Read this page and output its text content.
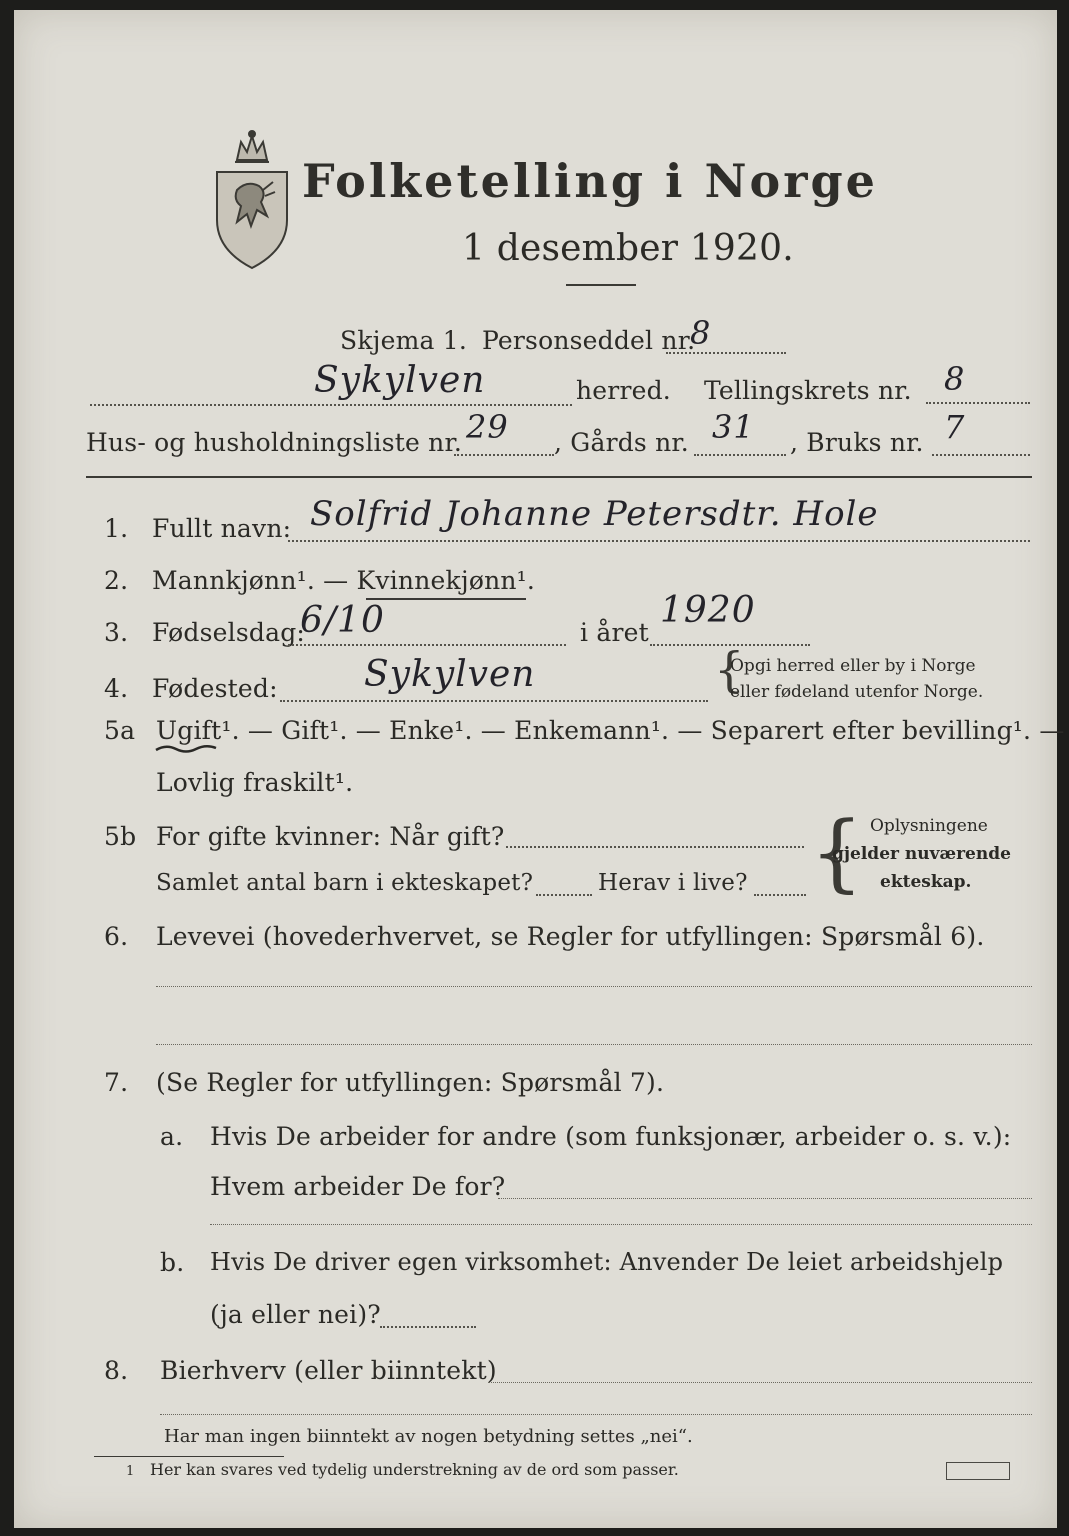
Folketelling i Norge
1 desember 1920.
Skjema 1. Personseddel nr.
8
Sykylven	herred. Tellingskrets nr. 8
Hus- og husholdningsliste nr. 29 , Gårds nr. 31 , Bruks nr. 7
1. Fullt navn: Solfrid Johanne Petersdtr. Hole
2. Mannkjønn¹. — Kvinnekjønn¹.
3. Fødselsdag:
6/10	i året
1920
4. Fødested: Sykylven	{
Opgi herred eller by i Norge
eller fødeland utenfor Norge.
5a Ugift¹. — Gift¹. — Enke¹. — Enkemann¹. — Separert efter bevilling¹. —
Lovlig fraskilt¹.
5b For gifte kvinner: Når gift?
Samlet antal barn i ekteskapet?	Herav i live? { Oplysningene
gjelder nuværende
ekteskap.
6. Levevei (hovederhvervet, se Regler for utfyllingen: Spørsmål 6).
7. (Se Regler for utfyllingen: Spørsmål 7).
a. Hvis De arbeider for andre (som funksjonær, arbeider o. s. v.):
Hvem arbeider De for?
b. Hvis De driver egen virksomhet: Anvender De leiet arbeidshjelp
(ja eller nei)?
8. Bierhverv (eller biinntekt)
Har man ingen biinntekt av nogen betydning settes „nei“.
1 Her kan svares ved tydelig understrekning av de ord som passer.
